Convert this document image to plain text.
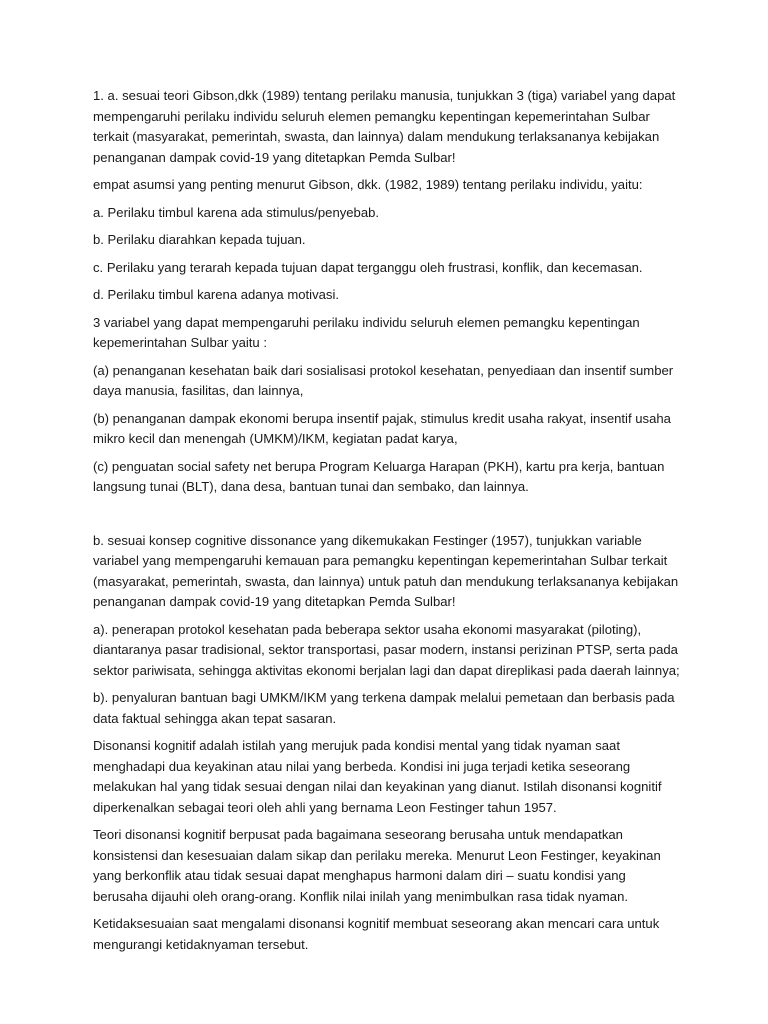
1. a. sesuai teori Gibson,dkk (1989) tentang perilaku manusia, tunjukkan 3 (tiga) variabel yang dapat mempengaruhi perilaku individu seluruh elemen pemangku kepentingan kepemerintahan Sulbar terkait (masyarakat, pemerintah, swasta, dan lainnya) dalam mendukung terlaksananya kebijakan penanganan dampak covid-19 yang ditetapkan Pemda Sulbar!

empat asumsi yang penting menurut Gibson, dkk. (1982, 1989) tentang perilaku individu, yaitu:

a. Perilaku timbul karena ada stimulus/penyebab.

b. Perilaku diarahkan kepada tujuan.

c. Perilaku yang terarah kepada tujuan dapat terganggu oleh frustrasi, konflik, dan kecemasan.

d. Perilaku timbul karena adanya motivasi.

3 variabel yang dapat mempengaruhi perilaku individu seluruh elemen pemangku kepentingan kepemerintahan Sulbar yaitu :

(a) penanganan kesehatan baik dari sosialisasi protokol kesehatan, penyediaan dan insentif sumber daya manusia, fasilitas, dan lainnya,

(b) penanganan dampak ekonomi berupa insentif pajak, stimulus kredit usaha rakyat, insentif usaha mikro kecil dan menengah (UMKM)/IKM, kegiatan padat karya,

(c) penguatan social safety net berupa Program Keluarga Harapan (PKH), kartu pra kerja, bantuan langsung tunai (BLT), dana desa, bantuan tunai dan sembako, dan lainnya.

b. sesuai konsep cognitive dissonance yang dikemukakan Festinger (1957), tunjukkan variable variabel yang mempengaruhi kemauan para pemangku kepentingan kepemerintahan Sulbar terkait (masyarakat, pemerintah, swasta, dan lainnya) untuk patuh dan mendukung terlaksananya kebijakan penanganan dampak covid-19 yang ditetapkan Pemda Sulbar!

a). penerapan protokol kesehatan pada beberapa sektor usaha ekonomi masyarakat (piloting), diantaranya pasar tradisional, sektor transportasi, pasar modern, instansi perizinan PTSP, serta pada sektor pariwisata, sehingga aktivitas ekonomi berjalan lagi dan dapat direplikasi pada daerah lainnya;

b). penyaluran bantuan bagi UMKM/IKM yang terkena dampak melalui pemetaan dan berbasis pada data faktual sehingga akan tepat sasaran.

Disonansi kognitif adalah istilah yang merujuk pada kondisi mental yang tidak nyaman saat menghadapi dua keyakinan atau nilai yang berbeda. Kondisi ini juga terjadi ketika seseorang melakukan hal yang tidak sesuai dengan nilai dan keyakinan yang dianut. Istilah disonansi kognitif diperkenalkan sebagai teori oleh ahli yang bernama Leon Festinger tahun 1957.

Teori disonansi kognitif berpusat pada bagaimana seseorang berusaha untuk mendapatkan konsistensi dan kesesuaian dalam sikap dan perilaku mereka. Menurut Leon Festinger, keyakinan yang berkonflik atau tidak sesuai dapat menghapus harmoni dalam diri – suatu kondisi yang berusaha dijauhi oleh orang-orang. Konflik nilai inilah yang menimbulkan rasa tidak nyaman.

Ketidaksesuaian saat mengalami disonansi kognitif membuat seseorang akan mencari cara untuk mengurangi ketidaknyaman tersebut.
